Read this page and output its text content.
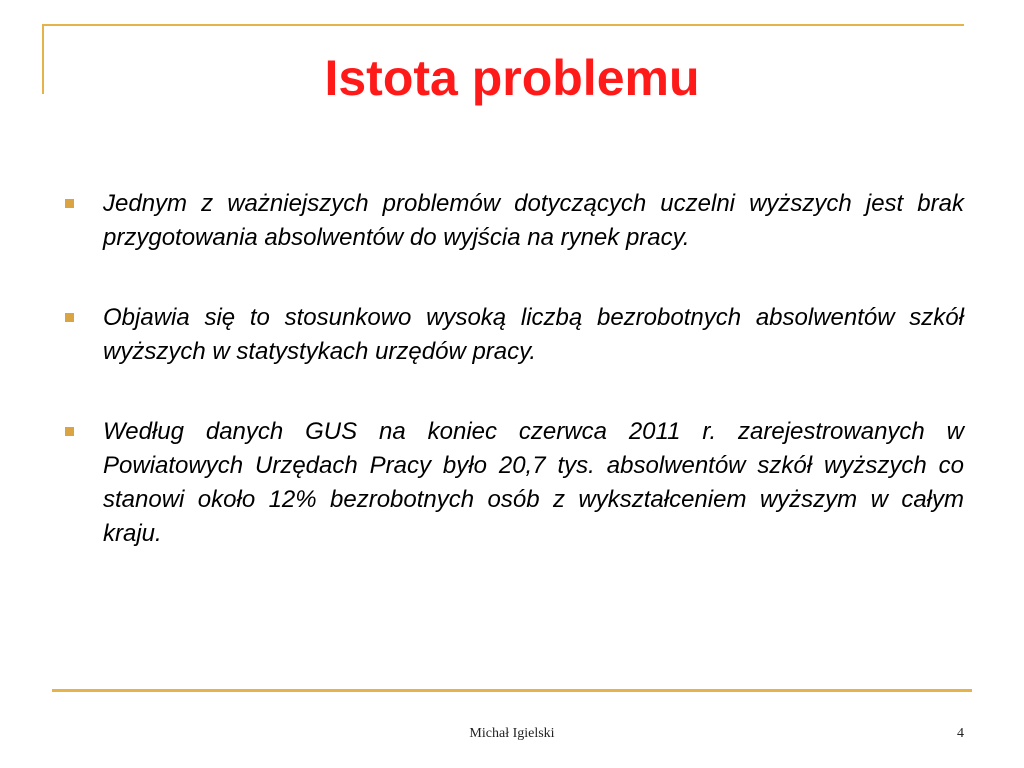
Istota problemu
Jednym z ważniejszych problemów dotyczących uczelni wyższych jest brak przygotowania absolwentów do wyjścia na rynek pracy.
Objawia się to stosunkowo wysoką liczbą bezrobotnych absolwentów szkół wyższych w statystykach urzędów pracy.
Według danych GUS na koniec czerwca 2011 r. zarejestrowanych w Powiatowych Urzędach Pracy było 20,7 tys. absolwentów szkół wyższych co stanowi około 12% bezrobotnych osób z wykształceniem wyższym w całym kraju.
Michał Igielski	4
